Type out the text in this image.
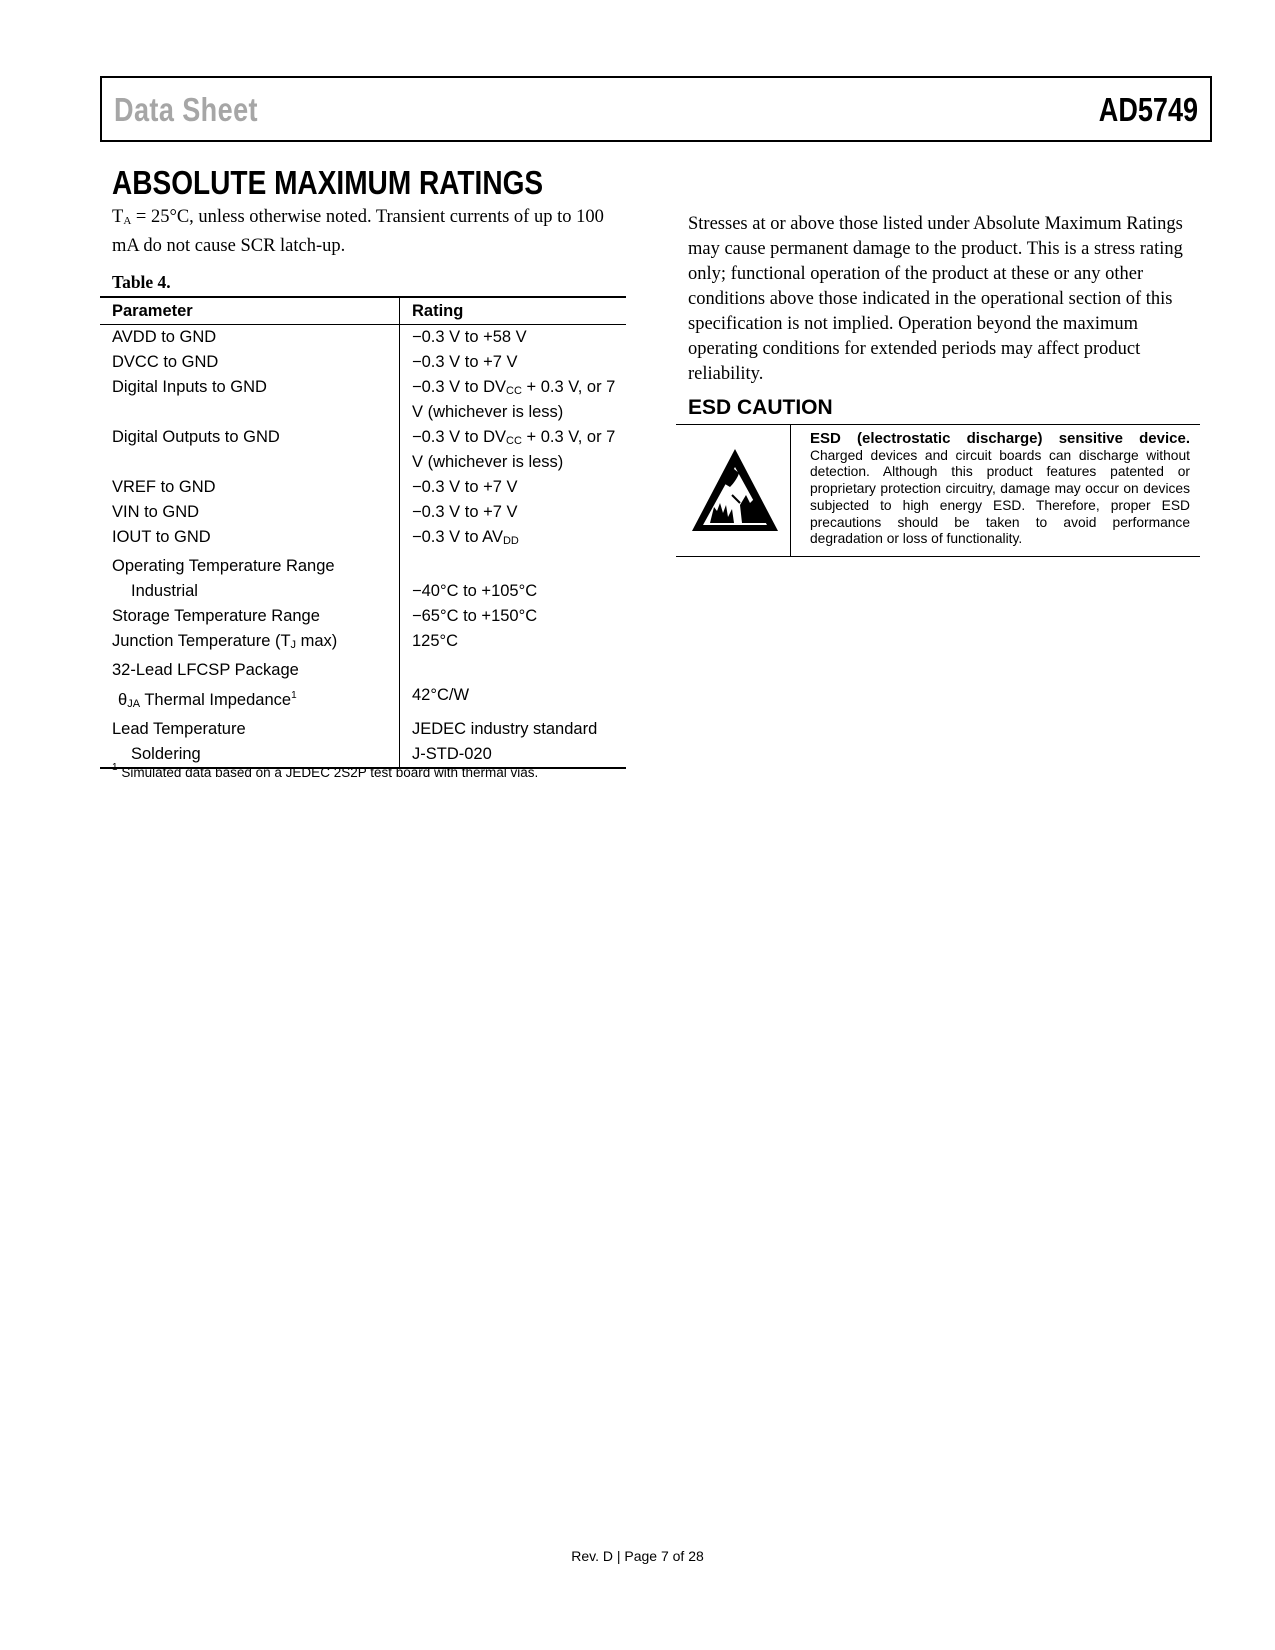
Data Sheet	AD5749
ABSOLUTE MAXIMUM RATINGS
TA = 25°C, unless otherwise noted. Transient currents of up to 100 mA do not cause SCR latch-up.
Table 4.
Parameter	Rating
AVDD to GND	−0.3 V to +58 V
DVCC to GND	−0.3 V to +7 V
Digital Inputs to GND	−0.3 V to DVCC + 0.3 V, or 7 V (whichever is less)
Digital Outputs to GND	−0.3 V to DVCC + 0.3 V, or 7 V (whichever is less)
VREF to GND	−0.3 V to +7 V
VIN to GND	−0.3 V to +7 V
IOUT to GND	−0.3 V to AVDD
Operating Temperature Range	
Industrial	−40°C to +105°C
Storage Temperature Range	−65°C to +150°C
Junction Temperature (TJ max)	125°C
32-Lead LFCSP Package	
θJA Thermal Impedance$^1$	42°C/W
Lead Temperature	JEDEC industry standard
Soldering	J-STD-020
$^1$ Simulated data based on a JEDEC 2S2P test board with thermal vias.
Stresses at or above those listed under Absolute Maximum Ratings may cause permanent damage to the product. This is a stress rating only; functional operation of the product at these or any other conditions above those indicated in the operational section of this specification is not implied. Operation beyond the maximum operating conditions for extended periods may affect product reliability.
ESD CAUTION
ESD (electrostatic discharge) sensitive device. Charged devices and circuit boards can discharge without detection. Although this product features patented or proprietary protection circuitry, damage may occur on devices subjected to high energy ESD. Therefore, proper ESD precautions should be taken to avoid performance degradation or loss of functionality.
Rev. D | Page 7 of 28
